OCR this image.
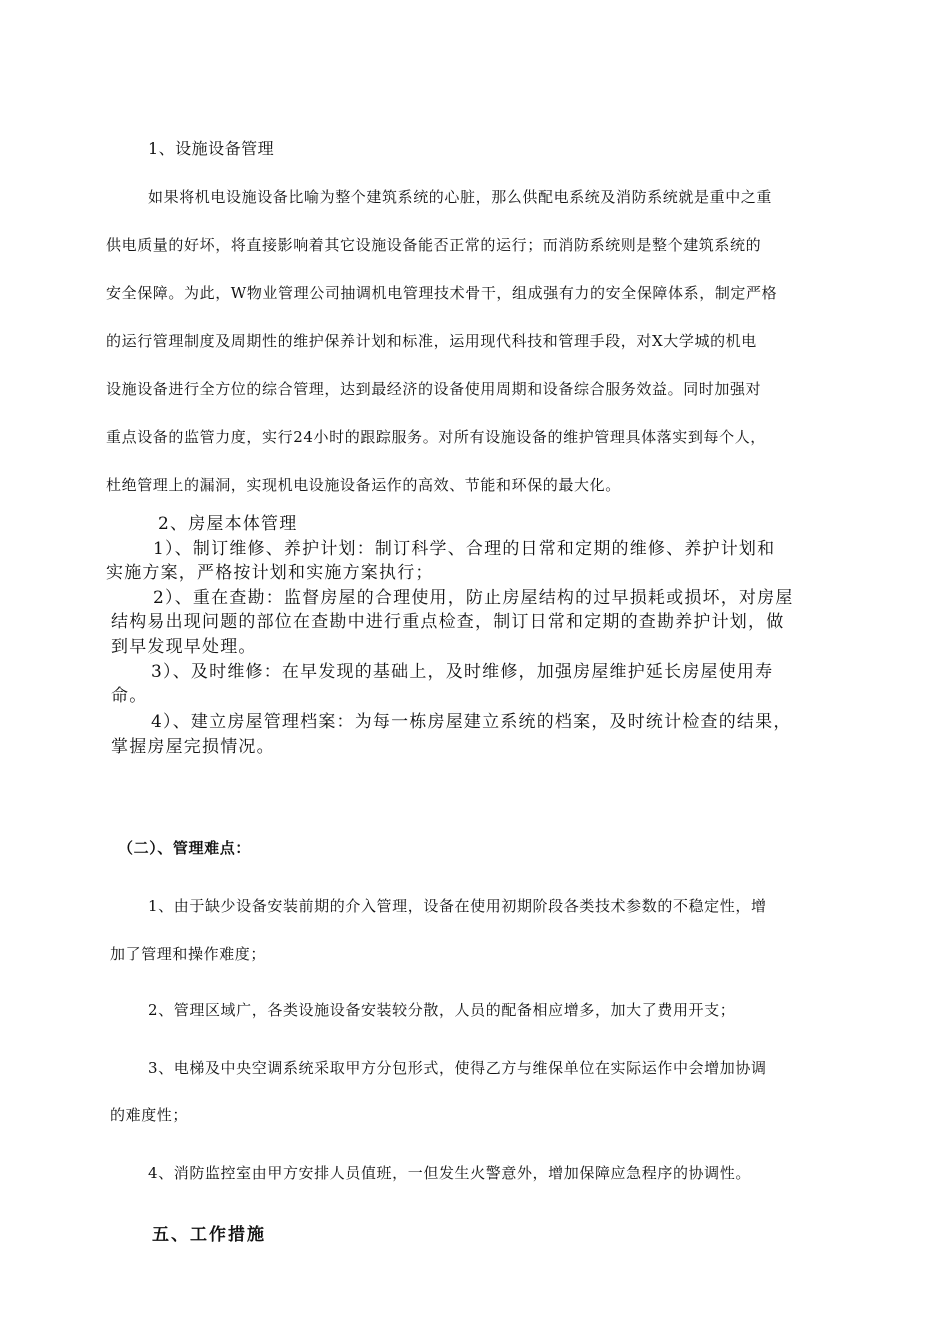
1、设施设备管理
如果将机电设施设备比喻为整个建筑系统的心脏，那么供配电系统及消防系统就是重中之重
供电质量的好坏，将直接影响着其它设施设备能否正常的运行；而消防系统则是整个建筑系统的
安全保障。为此，W物业管理公司抽调机电管理技术骨干，组成强有力的安全保障体系，制定严格
的运行管理制度及周期性的维护保养计划和标准，运用现代科技和管理手段，对X大学城的机电
设施设备进行全方位的综合管理，达到最经济的设备使用周期和设备综合服务效益。同时加强对
重点设备的监管力度，实行24小时的跟踪服务。对所有设施设备的维护管理具体落实到每个人，
杜绝管理上的漏洞，实现机电设施设备运作的高效、节能和环保的最大化。
2、房屋本体管理
1）、制订维修、养护计划：制订科学、合理的日常和定期的维修、养护计划和
实施方案，严格按计划和实施方案执行；
2）、重在查勘：监督房屋的合理使用，防止房屋结构的过早损耗或损坏，对房屋
结构易出现问题的部位在查勘中进行重点检查，制订日常和定期的查勘养护计划，做
到早发现早处理。
3）、及时维修：在早发现的基础上，及时维修，加强房屋维护延长房屋使用寿
命。
4）、建立房屋管理档案：为每一栋房屋建立系统的档案，及时统计检查的结果，
掌握房屋完损情况。
（二）、管理难点：
1、由于缺少设备安装前期的介入管理，设备在使用初期阶段各类技术参数的不稳定性，增
加了管理和操作难度；
2、管理区域广，各类设施设备安装较分散，人员的配备相应增多，加大了费用开支；
3、电梯及中央空调系统采取甲方分包形式，使得乙方与维保单位在实际运作中会增加协调
的难度性；
4、消防监控室由甲方安排人员值班，一但发生火警意外，增加保障应急程序的协调性。
五、工作措施
